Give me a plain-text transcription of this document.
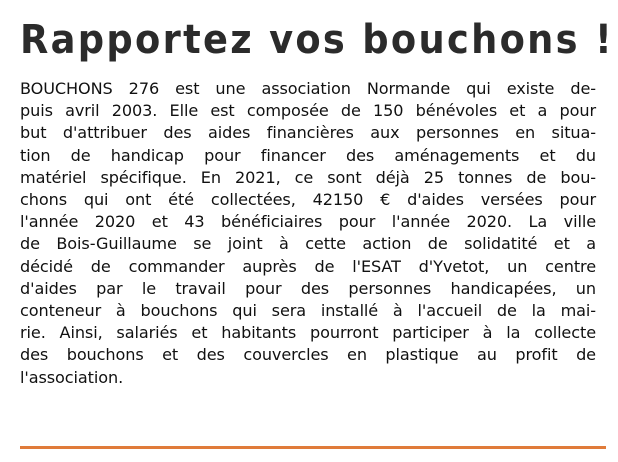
Rapportez vos bouchons !
BOUCHONS 276 est une association Normande qui existe de-
puis avril 2003. Elle est composée de 150 bénévoles et a pour
but d'attribuer des aides financières aux personnes en situa-
tion de handicap pour financer des aménagements et du
matériel spécifique. En 2021, ce sont déjà 25 tonnes de bou-
chons qui ont été collectées, 42150 € d'aides versées pour
l'année 2020 et 43 bénéficiaires pour l'année 2020. La ville
de Bois-Guillaume se joint à cette action de solidatité et a
décidé de commander auprès de l'ESAT d'Yvetot, un centre
d'aides par le travail pour des personnes handicapées, un
conteneur à bouchons qui sera installé à l'accueil de la mai-
rie. Ainsi, salariés et habitants pourront participer à la collecte
des bouchons et des couvercles en plastique au profit de
l'association.
